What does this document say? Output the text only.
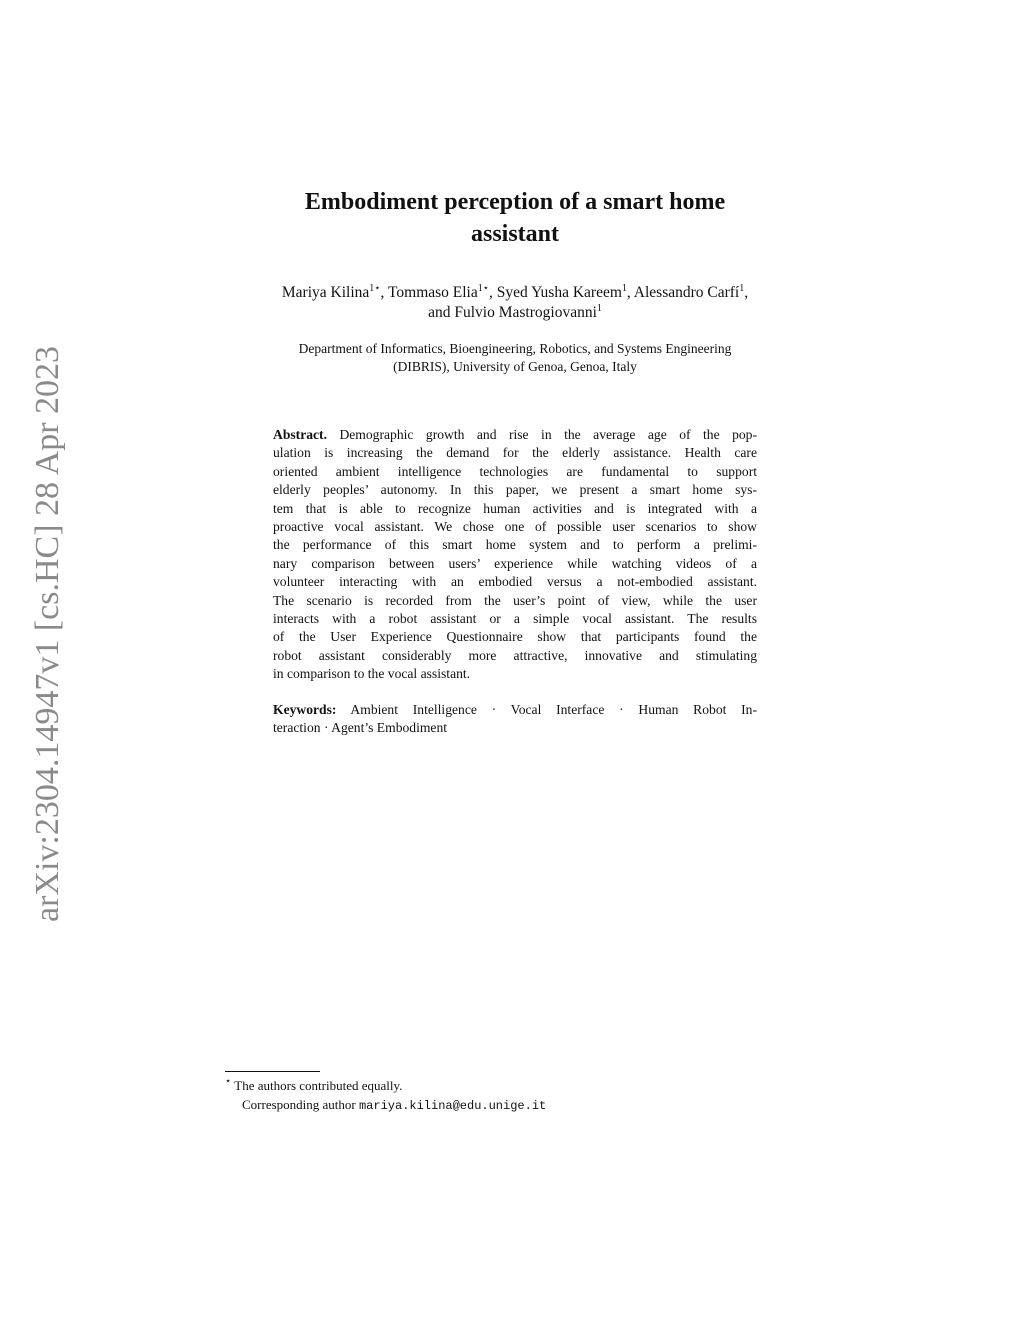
arXiv:2304.14947v1 [cs.HC] 28 Apr 2023
Embodiment perception of a smart home
assistant
Mariya Kilina$^{1⋆}$, Tommaso Elia$^{1⋆}$, Syed Yusha Kareem$^1$, Alessandro Carfí$^1$,
and Fulvio Mastrogiovanni$^1$
Department of Informatics, Bioengineering, Robotics, and Systems Engineering
(DIBRIS), University of Genoa, Genoa, Italy
Abstract. Demographic growth and rise in the average age of the pop-
ulation is increasing the demand for the elderly assistance. Health care
oriented ambient intelligence technologies are fundamental to support
elderly peoples’ autonomy. In this paper, we present a smart home sys-
tem that is able to recognize human activities and is integrated with a
proactive vocal assistant. We chose one of possible user scenarios to show
the performance of this smart home system and to perform a prelimi-
nary comparison between users’ experience while watching videos of a
volunteer interacting with an embodied versus a not-embodied assistant.
The scenario is recorded from the user’s point of view, while the user
interacts with a robot assistant or a simple vocal assistant. The results
of the User Experience Questionnaire show that participants found the
robot assistant considerably more attractive, innovative and stimulating
in comparison to the vocal assistant.
Keywords: Ambient Intelligence · Vocal Interface · Human Robot In-
teraction · Agent’s Embodiment
⋆ The authors contributed equally.
Corresponding author mariya.kilina@edu.unige.it
